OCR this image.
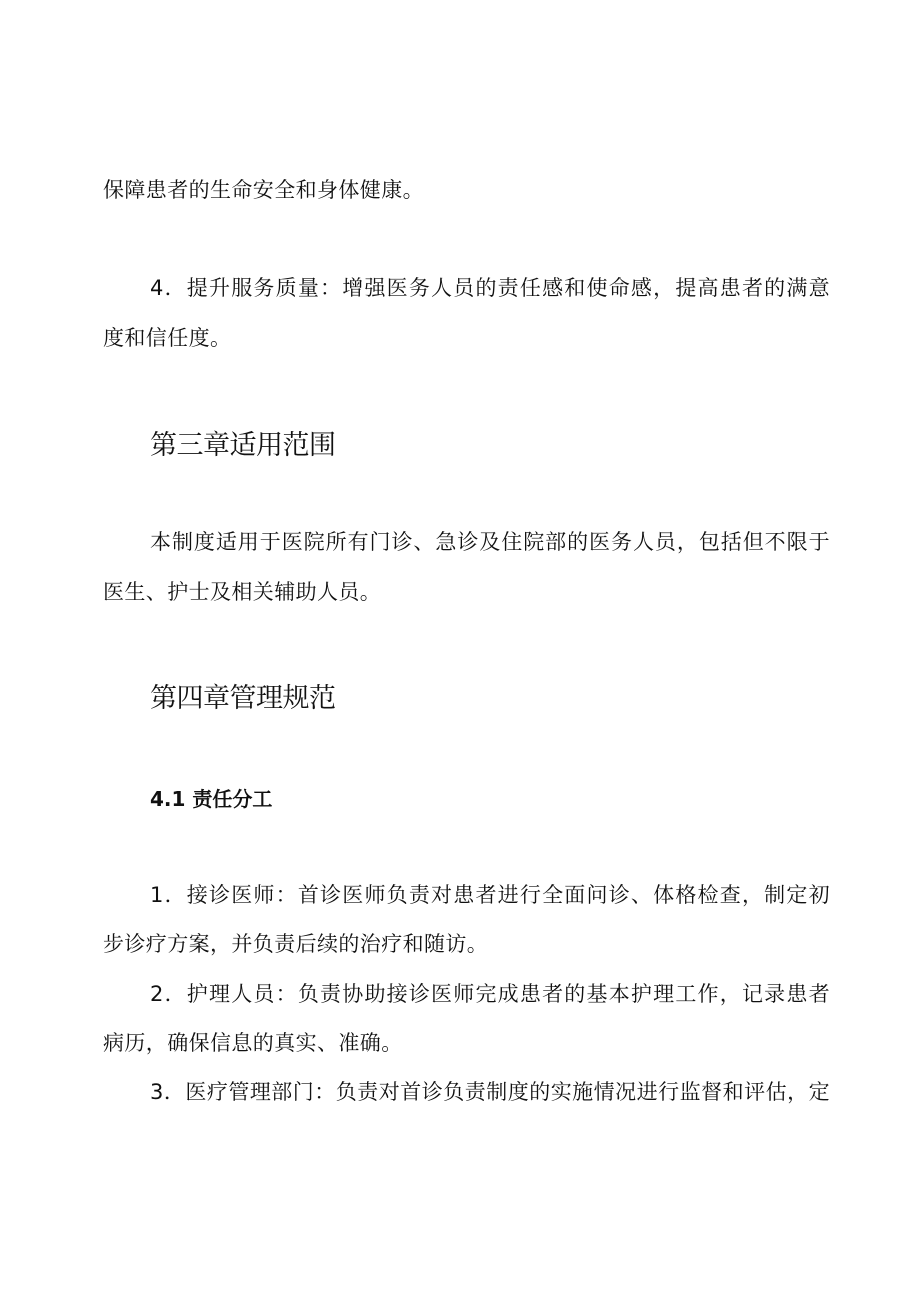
保障患者的生命安全和身体健康。
4．提升服务质量：增强医务人员的责任感和使命感，提高患者的满意
度和信任度。
第三章适用范围
本制度适用于医院所有门诊、急诊及住院部的医务人员，包括但不限于
医生、护士及相关辅助人员。
第四章管理规范
4.1 责任分工
1．接诊医师：首诊医师负责对患者进行全面问诊、体格检查，制定初
步诊疗方案，并负责后续的治疗和随访。
2．护理人员：负责协助接诊医师完成患者的基本护理工作，记录患者
病历，确保信息的真实、准确。
3．医疗管理部门：负责对首诊负责制度的实施情况进行监督和评估，定
